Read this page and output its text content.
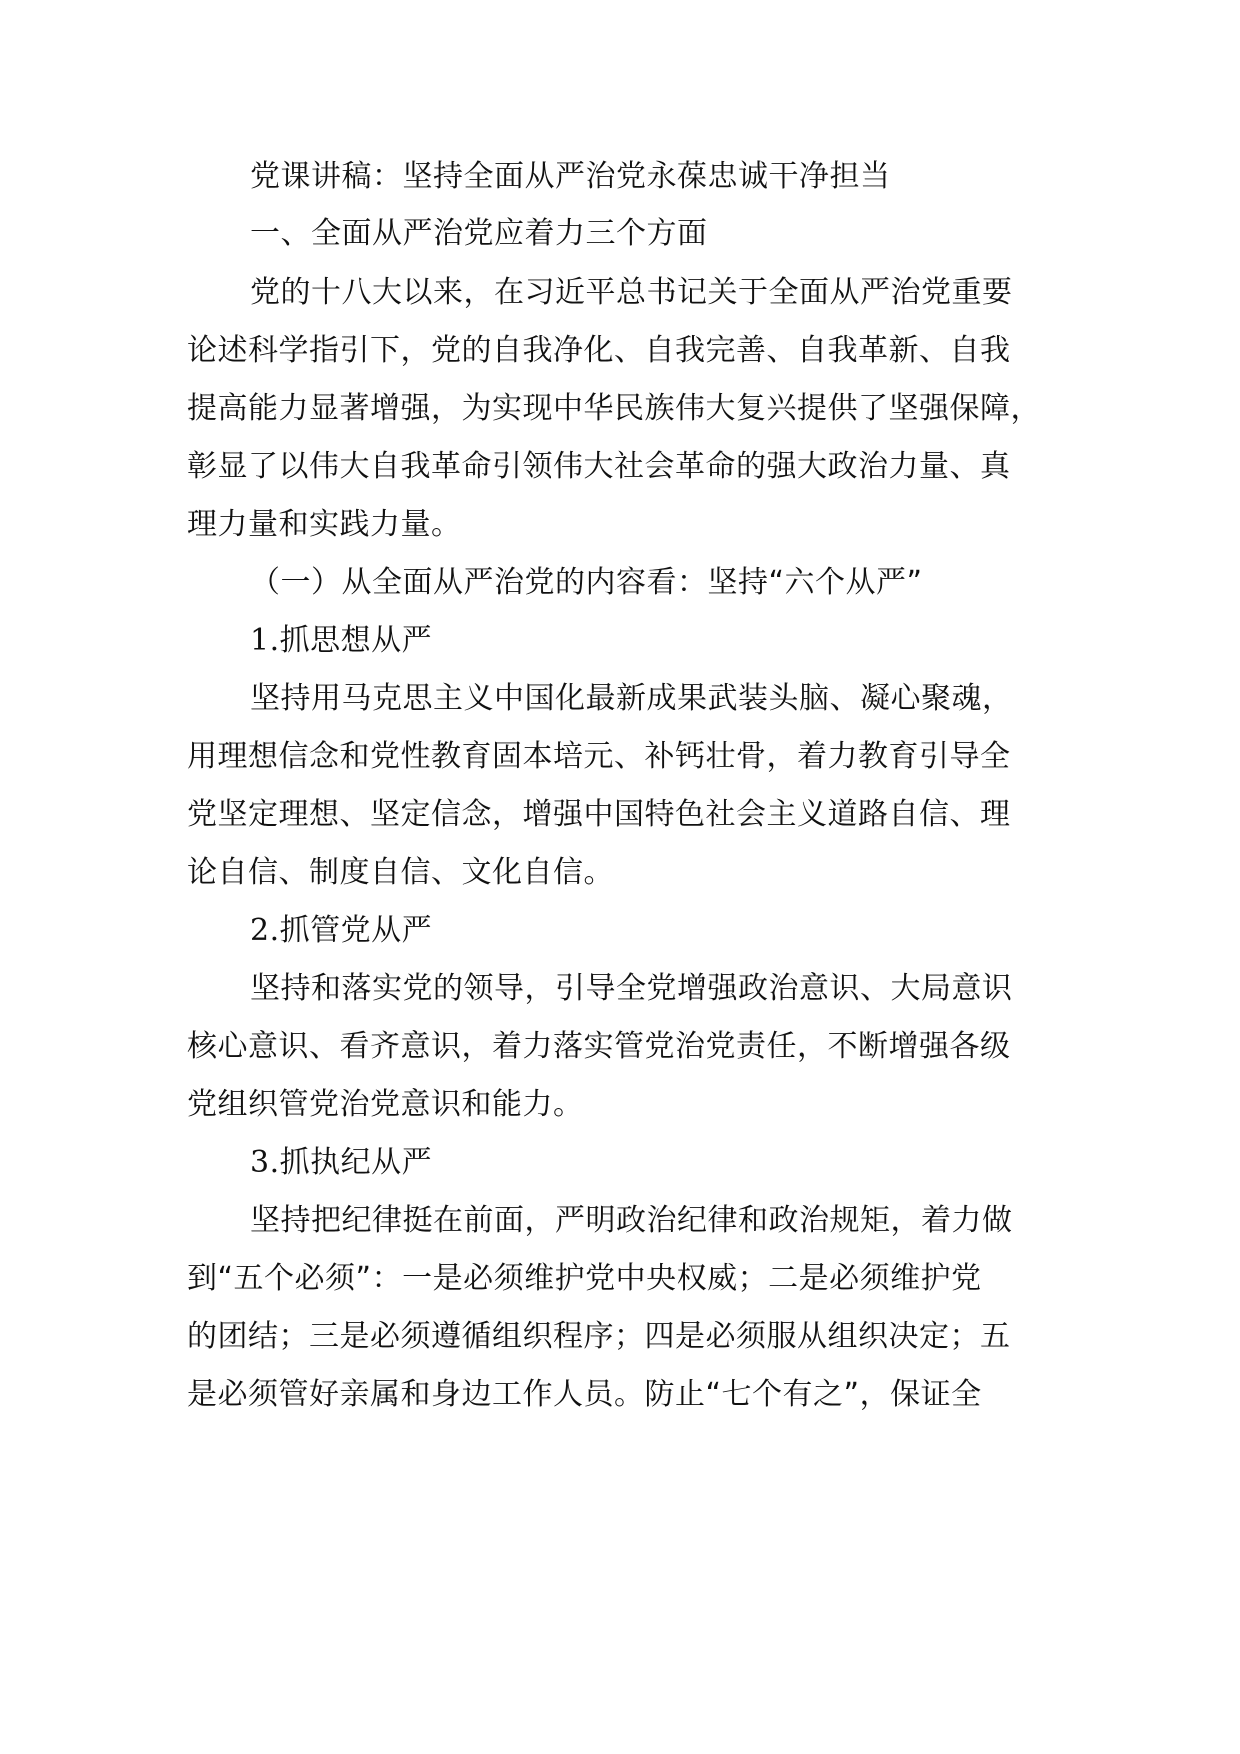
党课讲稿：坚持全面从严治党永葆忠诚干净担当
一、全面从严治党应着力三个方面
党的十八大以来，在习近平总书记关于全面从严治党重要
论述科学指引下，党的自我净化、自我完善、自我革新、自我
提高能力显著增强，为实现中华民族伟大复兴提供了坚强保障，
彰显了以伟大自我革命引领伟大社会革命的强大政治力量、真
理力量和实践力量。
（一）从全面从严治党的内容看：坚持“六个从严”
1.抓思想从严
坚持用马克思主义中国化最新成果武装头脑、凝心聚魂，
用理想信念和党性教育固本培元、补钙壮骨，着力教育引导全
党坚定理想、坚定信念，增强中国特色社会主义道路自信、理
论自信、制度自信、文化自信。
2.抓管党从严
坚持和落实党的领导，引导全党增强政治意识、大局意识
核心意识、看齐意识，着力落实管党治党责任，不断增强各级
党组织管党治党意识和能力。
3.抓执纪从严
坚持把纪律挺在前面，严明政治纪律和政治规矩，着力做
到“五个必须”：一是必须维护党中央权威；二是必须维护党
的团结；三是必须遵循组织程序；四是必须服从组织决定；五
是必须管好亲属和身边工作人员。防止“七个有之”，保证全
